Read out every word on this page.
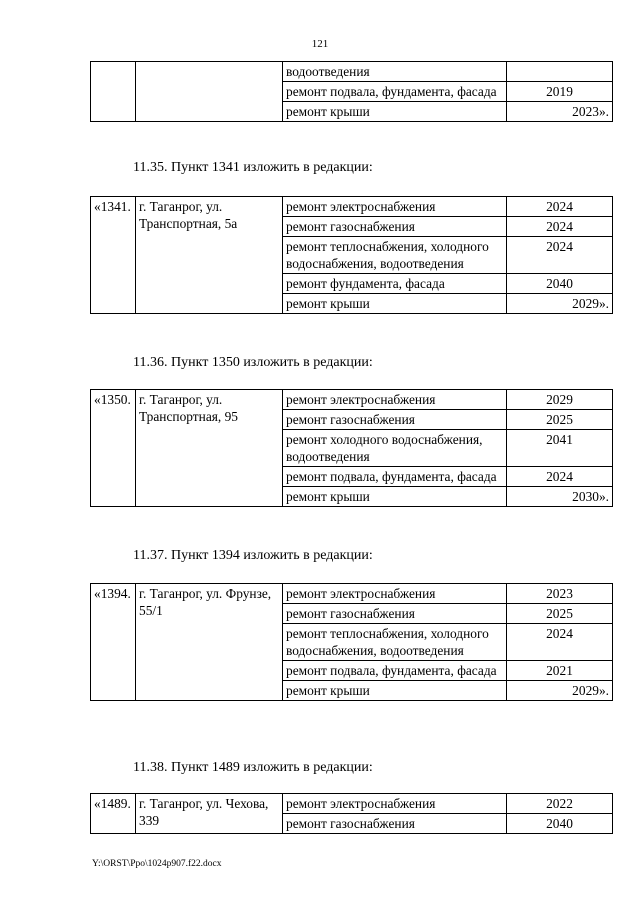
121
		водоотведения	
		ремонт подвала, фундамента, фасада	2019
		ремонт крыши	2023».
11.35. Пункт 1341 изложить в редакции:
«1341.	г. Таганрог, ул. Транспортная, 5а	ремонт электроснабжения	2024
		ремонт газоснабжения	2024
		ремонт теплоснабжения, холодного водоснабжения, водоотведения	2024
		ремонт фундамента, фасада	2040
		ремонт крыши	2029».
11.36. Пункт 1350 изложить в редакции:
«1350.	г. Таганрог, ул. Транспортная, 95	ремонт электроснабжения	2029
		ремонт газоснабжения	2025
		ремонт холодного водоснабжения, водоотведения	2041
		ремонт подвала, фундамента, фасада	2024
		ремонт крыши	2030».
11.37. Пункт 1394 изложить в редакции:
«1394.	г. Таганрог, ул. Фрунзе, 55/1	ремонт электроснабжения	2023
		ремонт газоснабжения	2025
		ремонт теплоснабжения, холодного водоснабжения, водоотведения	2024
		ремонт подвала, фундамента, фасада	2021
		ремонт крыши	2029».
11.38. Пункт 1489 изложить в редакции:
«1489.	г. Таганрог, ул. Чехова, 339	ремонт электроснабжения	2022
		ремонт газоснабжения	2040
Y:\ORST\Ppo\1024p907.f22.docx
